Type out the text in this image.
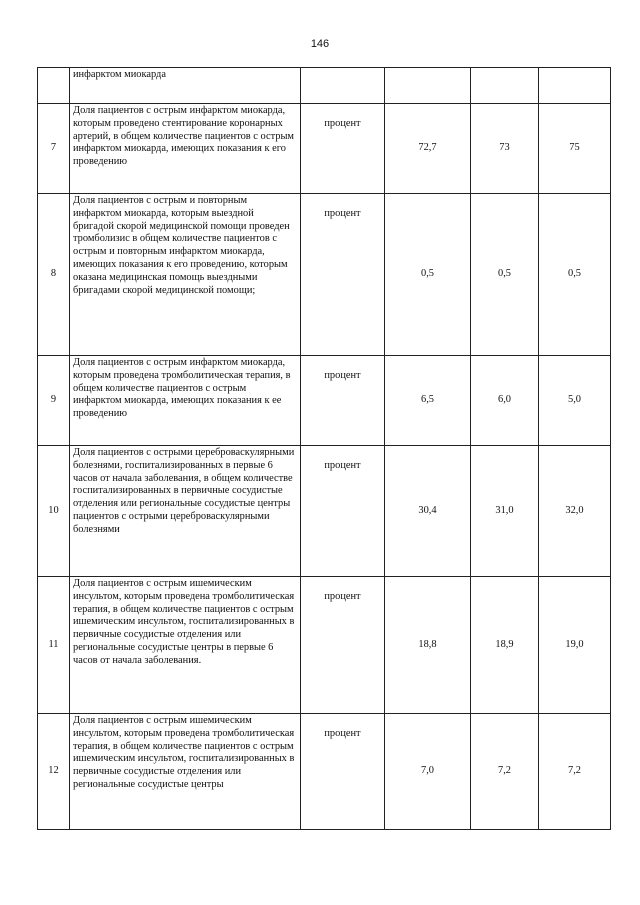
146
	инфарктом миокарда				
7	Доля пациентов с острым инфарктом миокарда, которым проведено стентирование коронарных артерий, в общем количестве пациентов с острым инфарктом миокарда, имеющих показания к его проведению	процент	72,7	73	75
8	Доля пациентов с острым и повторным инфарктом миокарда, которым выездной бригадой скорой медицинской помощи проведен тромболизис в общем количестве пациентов с острым и повторным инфарктом миокарда, имеющих показания к его проведению, которым оказана медицинская помощь выездными бригадами скорой медицинской помощи;	процент	0,5	0,5	0,5
9	Доля пациентов с острым инфарктом миокарда, которым проведена тромболитическая терапия, в общем количестве пациентов с острым инфарктом миокарда, имеющих показания к ее проведению	процент	6,5	6,0	5,0
10	Доля пациентов с острыми цереброваскулярными болезнями, госпитализированных в первые 6 часов от начала заболевания, в общем количестве госпитализированных в первичные сосудистые отделения или региональные сосудистые центры пациентов с острыми цереброваскулярными болезнями	процент	30,4	31,0	32,0
11	Доля пациентов с острым ишемическим инсультом, которым проведена тромболитическая терапия, в общем количестве пациентов с острым ишемическим инсультом, госпитализированных в первичные сосудистые отделения или региональные сосудистые центры в первые 6 часов от начала заболевания.	процент	18,8	18,9	19,0
12	Доля пациентов с острым ишемическим инсультом, которым проведена тромболитическая терапия, в общем количестве пациентов с острым ишемическим инсультом, госпитализированных в первичные сосудистые отделения или региональные сосудистые центры	процент	7,0	7,2	7,2
